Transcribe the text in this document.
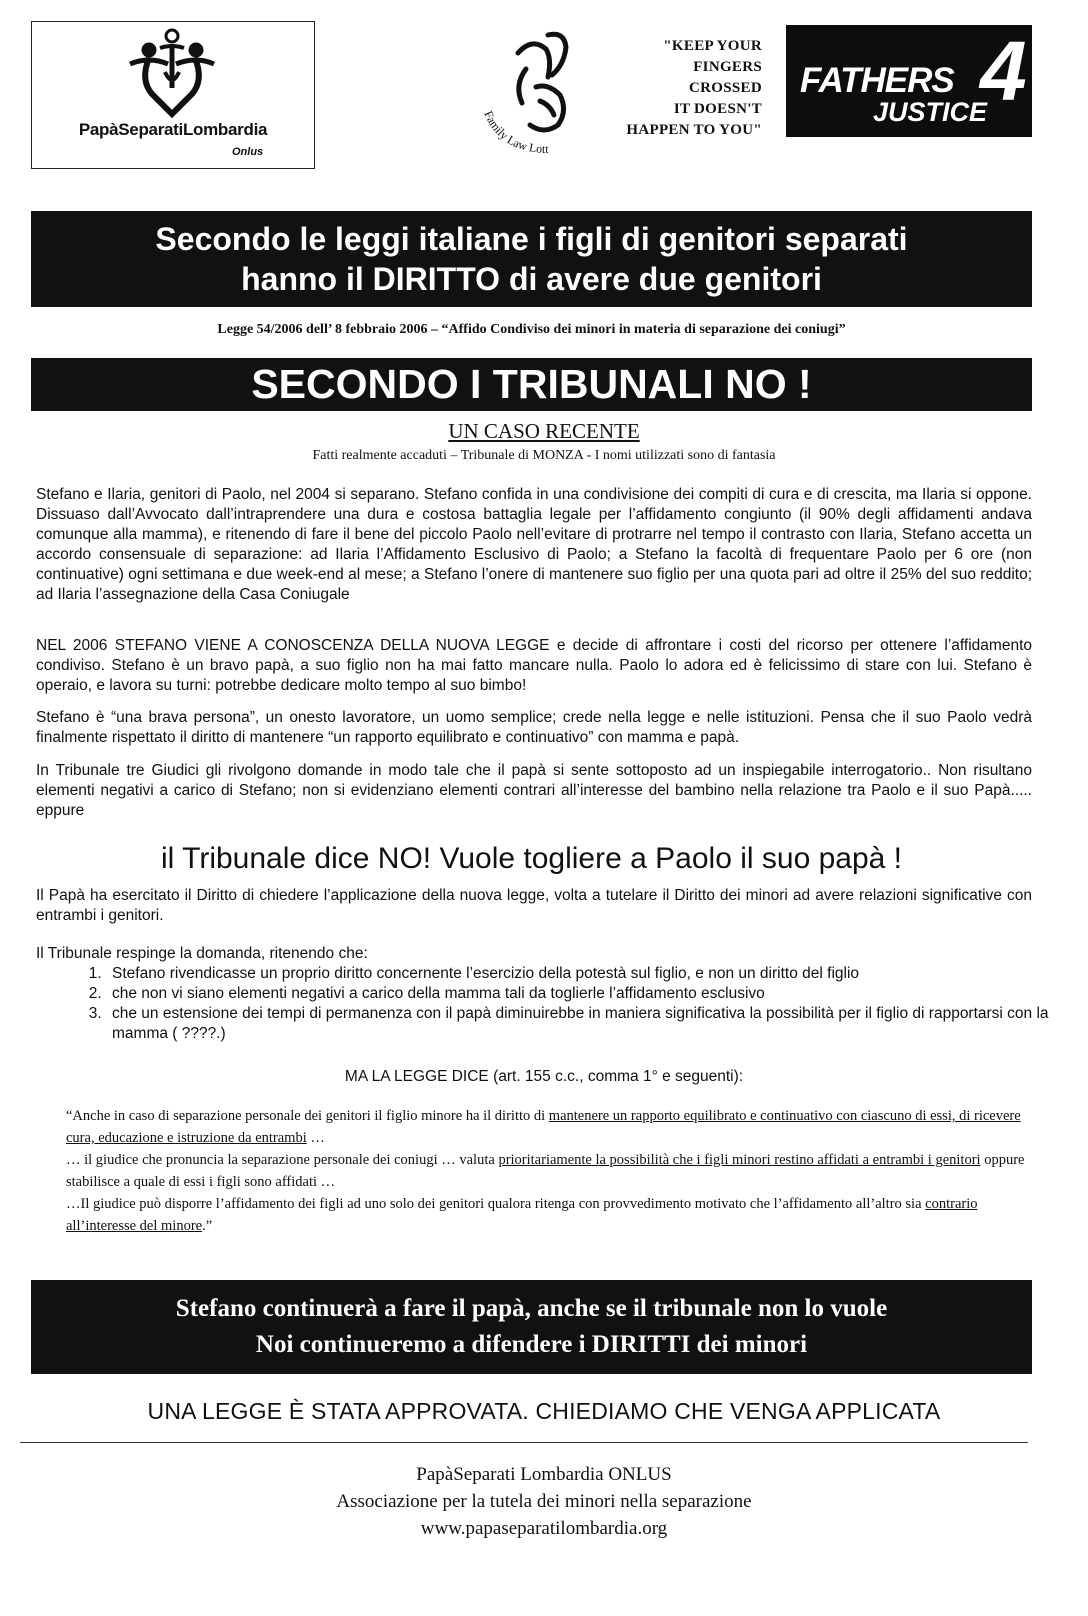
PapàSeparatiLombardia
Onlus
Family Law Lott
"KEEP YOUR
FINGERS
CROSSED
IT DOESN'T
HAPPEN TO YOU"
4
FATHERS
JUSTICE
Secondo le leggi italiane i figli di genitori separati
hanno il DIRITTO di avere due genitori
Legge 54/2006 dell’ 8 febbraio 2006 – “Affido Condiviso dei minori in materia di separazione dei coniugi”
SECONDO I TRIBUNALI NO !
UN CASO RECENTE
Fatti realmente accaduti – Tribunale di MONZA - I nomi utilizzati sono di fantasia
Stefano e Ilaria, genitori di Paolo, nel 2004 si separano. Stefano confida in una condivisione dei compiti di cura e di crescita, ma Ilaria si oppone. Dissuaso dall’Avvocato dall’intraprendere una dura e costosa battaglia legale per l’affidamento congiunto (il 90% degli affidamenti andava comunque alla mamma), e ritenendo di fare il bene del piccolo Paolo nell’evitare di protrarre nel tempo il contrasto con Ilaria, Stefano accetta un accordo consensuale di separazione: ad Ilaria l’Affidamento Esclusivo di Paolo; a Stefano la facoltà di frequentare Paolo per 6 ore (non continuative) ogni settimana e due week-end al mese; a Stefano l’onere di mantenere suo figlio per una quota pari ad oltre il 25% del suo reddito; ad Ilaria l’assegnazione della Casa Coniugale
NEL 2006 STEFANO VIENE A CONOSCENZA DELLA NUOVA LEGGE e decide di affrontare i costi del ricorso per ottenere l’affidamento condiviso. Stefano è un bravo papà, a suo figlio non ha mai fatto mancare nulla. Paolo lo adora ed è felicissimo di stare con lui. Stefano è operaio, e lavora su turni: potrebbe dedicare molto tempo al suo bimbo!
Stefano è “una brava persona”, un onesto lavoratore, un uomo semplice; crede nella legge e nelle istituzioni. Pensa che il suo Paolo vedrà finalmente rispettato il diritto di mantenere “un rapporto equilibrato e continuativo” con mamma e papà.
In Tribunale tre Giudici gli rivolgono domande in modo tale che il papà si sente sottoposto ad un inspiegabile interrogatorio.. Non risultano elementi negativi a carico di Stefano; non si evidenziano elementi contrari all’interesse del bambino nella relazione tra Paolo e il suo Papà..... eppure
il Tribunale dice NO! Vuole togliere a Paolo il suo papà !
Il Papà ha esercitato il Diritto di chiedere l’applicazione della nuova legge, volta a tutelare il Diritto dei minori ad avere relazioni significative con entrambi i genitori.
Il Tribunale respinge la domanda, ritenendo che:
1. Stefano rivendicasse un proprio diritto concernente l’esercizio della potestà sul figlio, e non un diritto del figlio
2. che non vi siano elementi negativi a carico della mamma tali da toglierle l’affidamento esclusivo
3. che un estensione dei tempi di permanenza con il papà diminuirebbe in maniera significativa la possibilità per il figlio di rapportarsi con la mamma ( ????.)
MA LA LEGGE DICE (art. 155 c.c., comma 1° e seguenti):
“Anche in caso di separazione personale dei genitori il figlio minore ha il diritto di mantenere un rapporto equilibrato e continuativo con ciascuno di essi, di ricevere cura, educazione e istruzione da entrambi …
… il giudice che pronuncia la separazione personale dei coniugi … valuta prioritariamente la possibilità che i figli minori restino affidati a entrambi i genitori oppure stabilisce a quale di essi i figli sono affidati …
…Il giudice può disporre l’affidamento dei figli ad uno solo dei genitori qualora ritenga con provvedimento motivato che l’affidamento all’altro sia contrario all’interesse del minore.”
Stefano continuerà a fare il papà, anche se il tribunale non lo vuole
Noi continueremo a difendere i DIRITTI dei minori
UNA LEGGE È STATA APPROVATA. CHIEDIAMO CHE VENGA APPLICATA
PapàSeparati Lombardia ONLUS
Associazione per la tutela dei minori nella separazione
www.papaseparatilombardia.org
